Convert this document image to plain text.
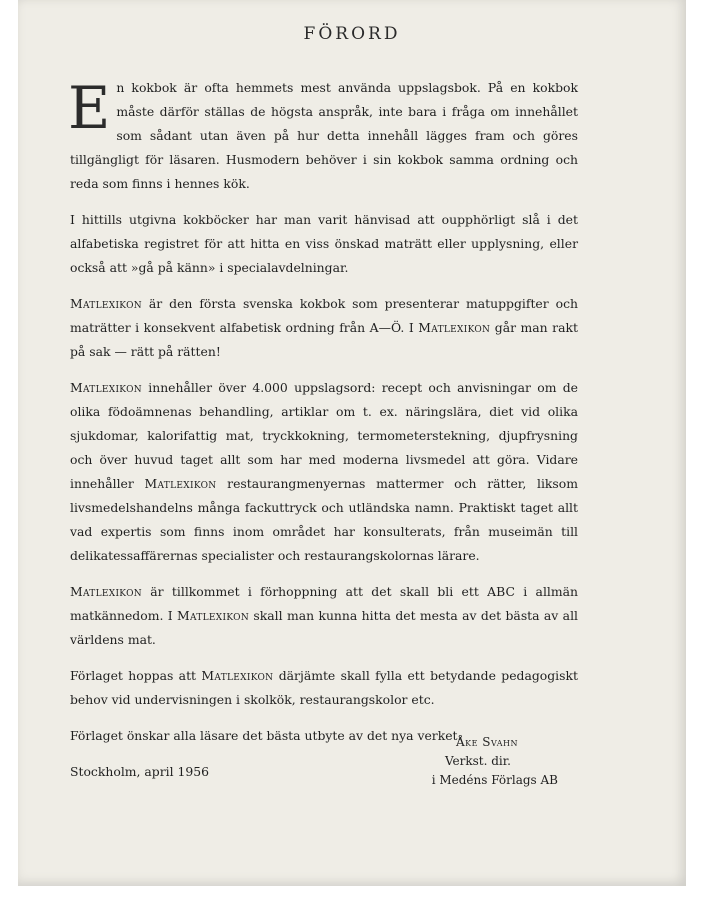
FÖRORD

En kokbok är ofta hemmets mest använda uppslagsbok. På en kokbok måste därför ställas de högsta anspråk, inte bara i fråga om innehållet som sådant utan även på hur detta innehåll lägges fram och göres tillgängligt för läsaren. Husmodern behöver i sin kokbok samma ordning och reda som finns i hennes kök.

I hittills utgivna kokböcker har man varit hänvisad att oupphörligt slå i det alfabetiska registret för att hitta en viss önskad maträtt eller upplysning, eller också att »gå på känn» i specialavdelningar.

Matlexikon är den första svenska kokbok som presenterar matuppgifter och maträtter i konsekvent alfabetisk ordning från A—Ö. I Matlexikon går man rakt på sak — rätt på rätten!

Matlexikon innehåller över 4.000 uppslagsord: recept och anvisningar om de olika födoämnenas behandling, artiklar om t. ex. näringslära, diet vid olika sjukdomar, kalorifattig mat, tryckkokning, termometerstekning, djupfrysning och över huvud taget allt som har med moderna livsmedel att göra. Vidare innehåller Matlexikon restaurangmenyernas mattermer och rätter, liksom livsmedelshandelns många fackuttryck och utländska namn. Praktiskt taget allt vad expertis som finns inom området har konsulterats, från museimän till delikatessaffärernas specialister och restaurangskolornas lärare.

Matlexikon är tillkommet i förhoppning att det skall bli ett ABC i allmän matkännedom. I Matlexikon skall man kunna hitta det mesta av det bästa av all världens mat.

Förlaget hoppas att Matlexikon därjämte skall fylla ett betydande pedagogiskt behov vid undervisningen i skolkök, restaurangskolor etc.

Förlaget önskar alla läsare det bästa utbyte av det nya verket.

Stockholm, april 1956

Åke Svahn
Verkst. dir.
i Medéns Förlags AB
